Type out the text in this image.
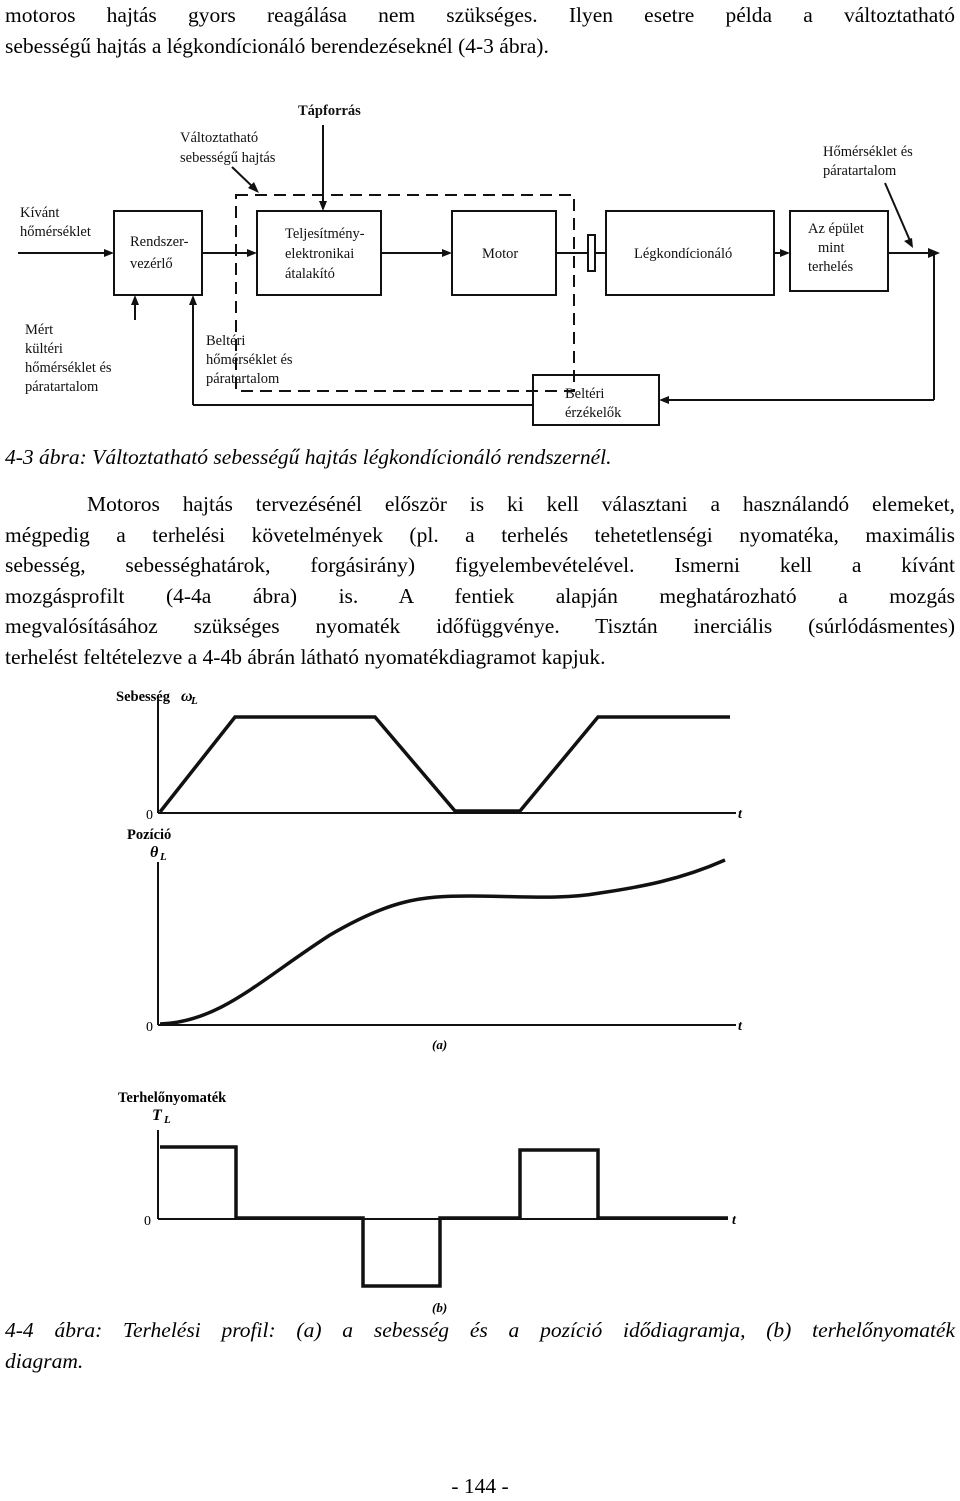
motoros hajtás gyors reagálása nem szükséges. Ilyen esetre példa a változtatható

sebességű hajtás a légkondícionáló berendezéseknél (4-3 ábra).

Tápforrás
Változtatható
sebességű hajtás
Kívánt
hőmérséklet
Rendszer-
vezérlő
Teljesítmény-
elektronikai
átalakító
Motor	Légkondícionáló
Az épület
mint
terhelés
Hőmérséklet és
páratartalom
Mért
kültéri
hőmérséklet és
páratartalom
Beltéri
hőmérséklet és
páratartalom
Beltéri
érzékelők
4-3 ábra: Változtatható sebességű hajtás légkondícionáló rendszernél.

Motoros hajtás tervezésénél először is ki kell választani a használandó elemeket,

mégpedig a terhelési követelmények (pl. a terhelés tehetetlenségi nyomatéka, maximális

sebesség, sebességhatárok, forgásirány) figyelembevételével. Ismerni kell a kívánt

mozgásprofilt (4-4a ábra) is. A fentiek alapján meghatározható a mozgás

megvalósításához szükséges nyomaték időfüggvénye. Tisztán inerciális (súrlódásmentes)

terhelést feltételezve a 4-4b ábrán látható nyomatékdiagramot kapjuk.

Sebesség ω
L
0	t
Pozíció
θ L
0	t
(a)
Terhelőnyomaték
T L
0	t
(b)
4-4 ábra: Terhelési profil: (a) a sebesség és a pozíció idődiagramja, (b) terhelőnyomaték
diagram.
- 144 -
